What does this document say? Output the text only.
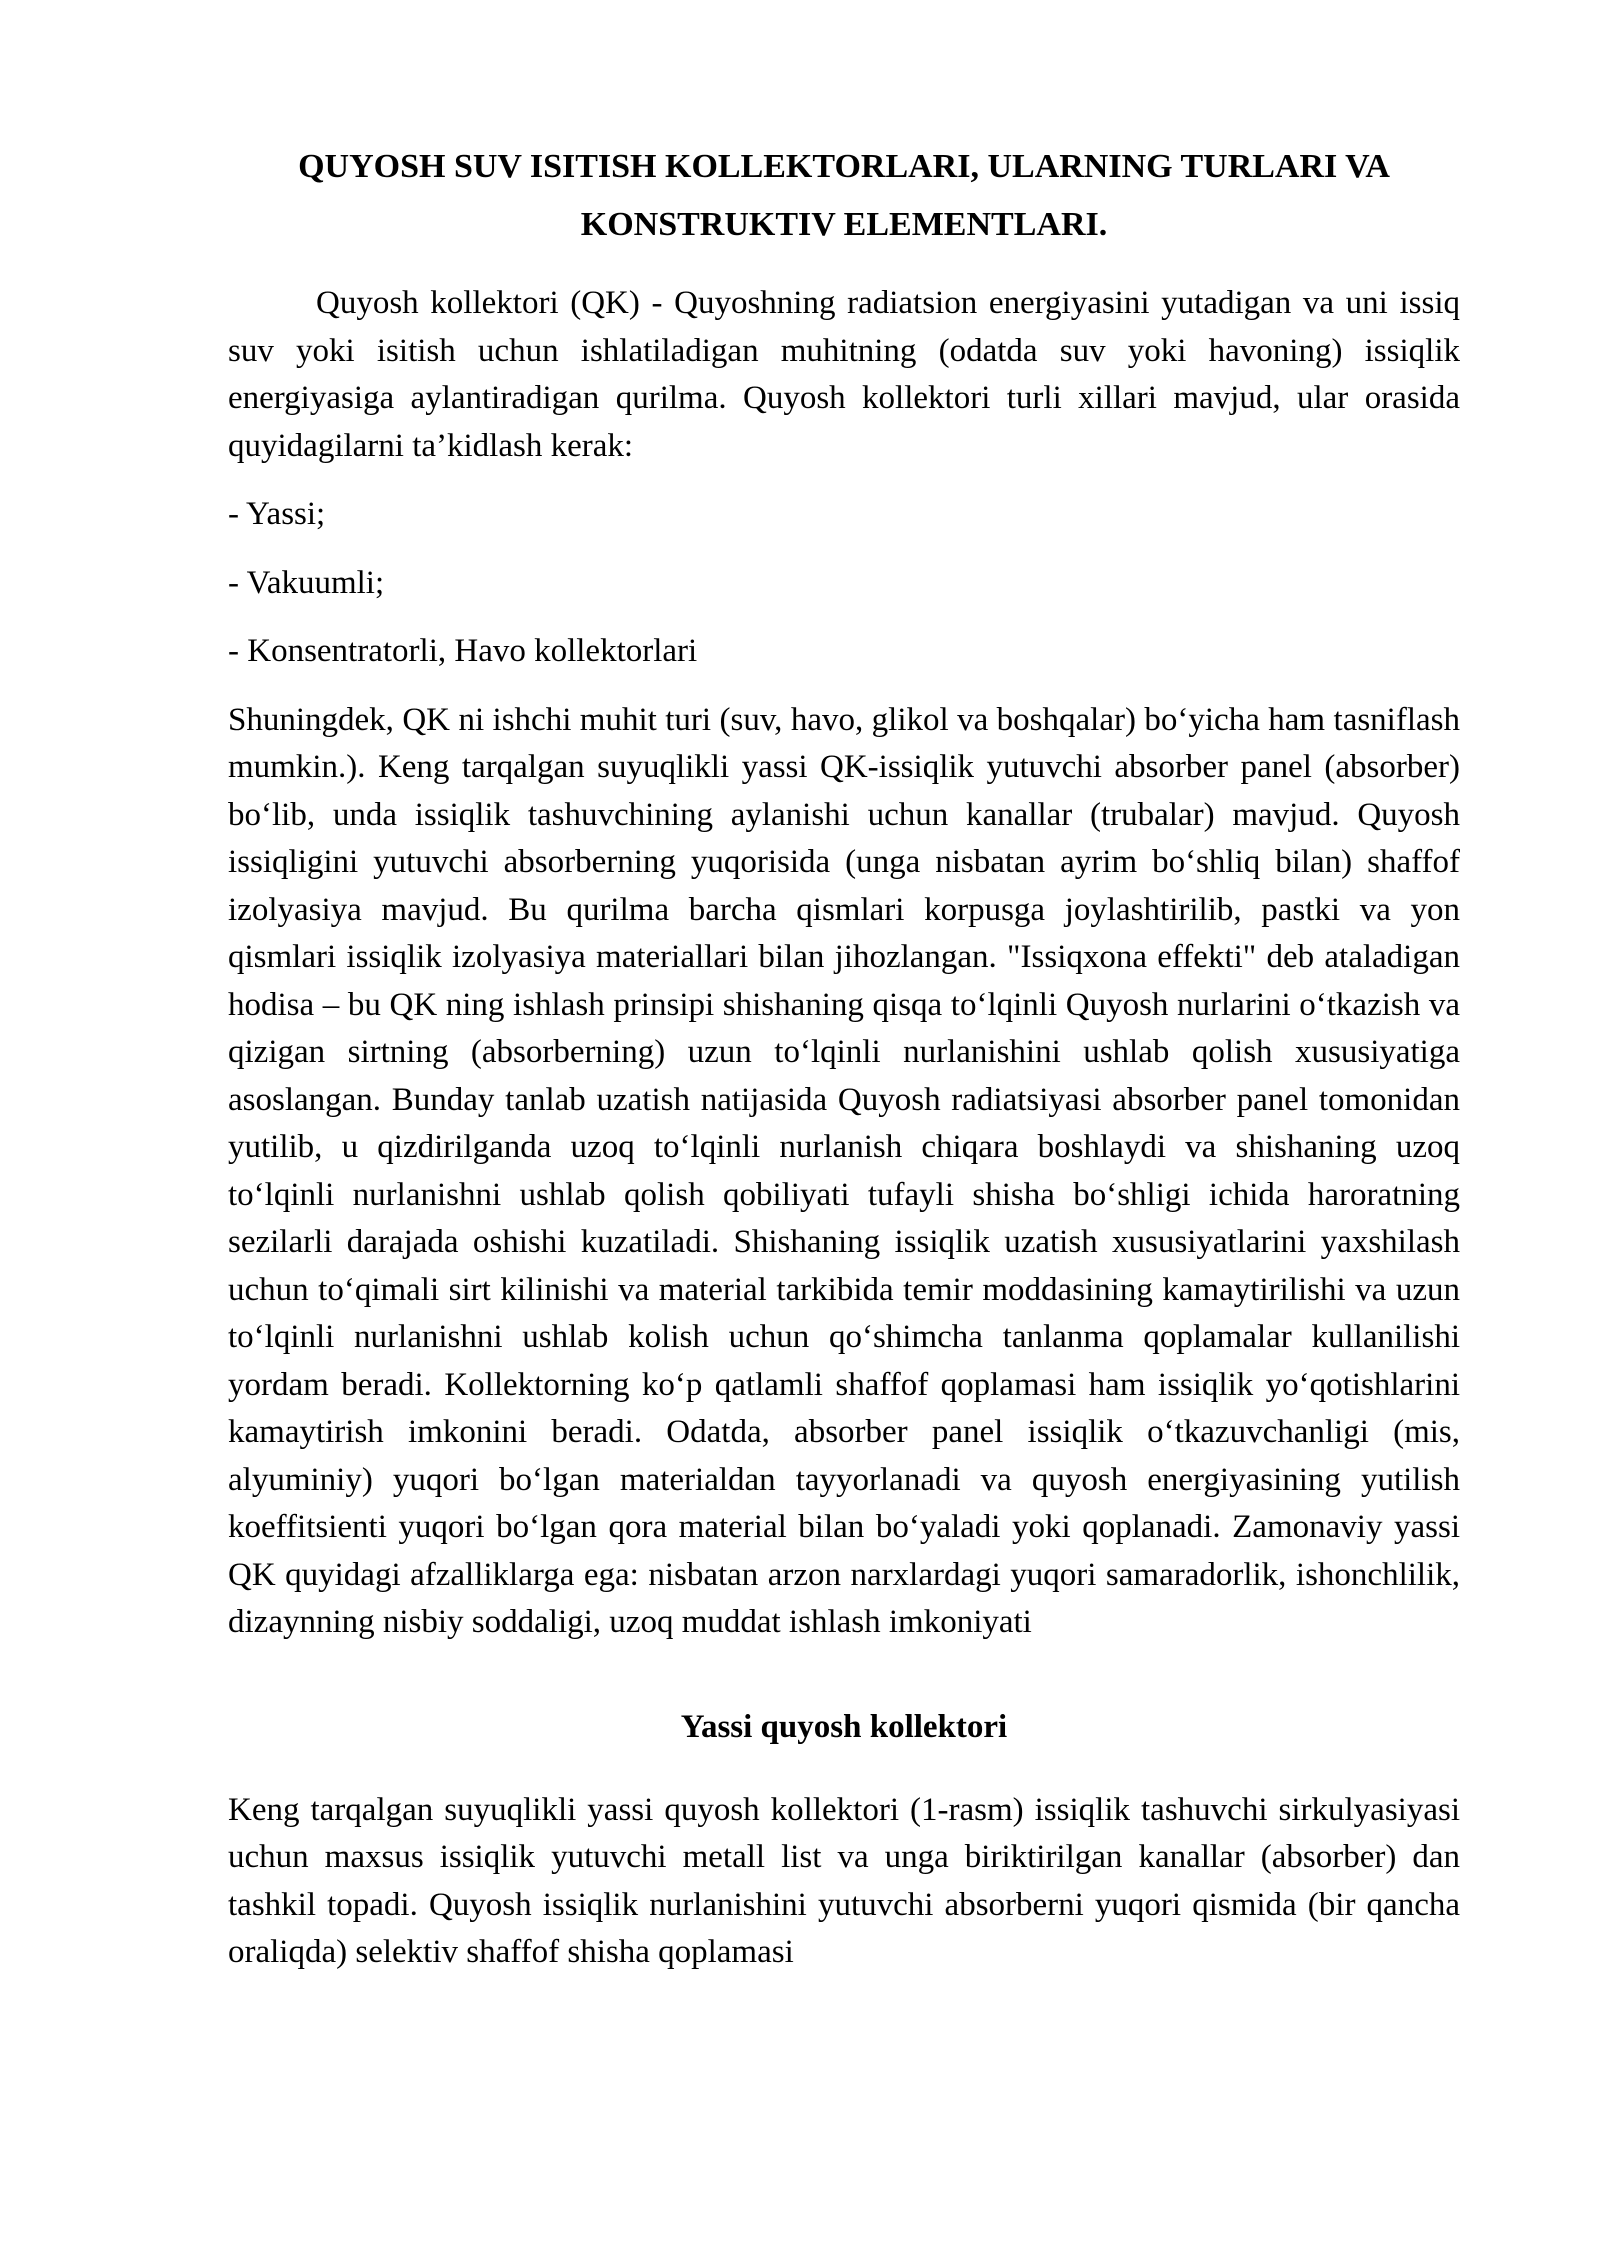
QUYOSH SUV ISITISH KOLLEKTORLARI, ULARNING TURLARI VA KONSTRUKTIV ELEMENTLARI.

Quyosh kollektori (QK) - Quyoshning radiatsion energiyasini yutadigan va uni issiq suv yoki isitish uchun ishlatiladigan muhitning (odatda suv yoki havoning) issiqlik energiyasiga aylantiradigan qurilma. Quyosh kollektori turli xillari mavjud, ular orasida quyidagilarni ta’kidlash kerak:

- Yassi;

- Vakuumli;

- Konsentratorli, Havo kollektorlari

Shuningdek, QK ni ishchi muhit turi (suv, havo, glikol va boshqalar) bo‘yicha ham tasniflash mumkin.). Keng tarqalgan suyuqlikli yassi QK-issiqlik yutuvchi absorber panel (absorber) bo‘lib, unda issiqlik tashuvchining aylanishi uchun kanallar (trubalar) mavjud. Quyosh issiqligini yutuvchi absorberning yuqorisida (unga nisbatan ayrim bo‘shliq bilan) shaffof izolyasiya mavjud. Bu qurilma barcha qismlari korpusga joylashtirilib, pastki va yon qismlari issiqlik izolyasiya materiallari bilan jihozlangan. "Issiqxona effekti" deb ataladigan hodisa – bu QK ning ishlash prinsipi shishaning qisqa to‘lqinli Quyosh nurlarini o‘tkazish va qizigan sirtning (absorberning) uzun to‘lqinli nurlanishini ushlab qolish xususiyatiga asoslangan. Bunday tanlab uzatish natijasida Quyosh radiatsiyasi absorber panel tomonidan yutilib, u qizdirilganda uzoq to‘lqinli nurlanish chiqara boshlaydi va shishaning uzoq to‘lqinli nurlanishni ushlab qolish qobiliyati tufayli shisha bo‘shligi ichida haroratning sezilarli darajada oshishi kuzatiladi. Shishaning issiqlik uzatish xususiyatlarini yaxshilash uchun to‘qimali sirt kilinishi va material tarkibida temir moddasining kamaytirilishi va uzun to‘lqinli nurlanishni ushlab kolish uchun qo‘shimcha tanlanma qoplamalar kullanilishi yordam beradi. Kollektorning ko‘p qatlamli shaffof qoplamasi ham issiqlik yo‘qotishlarini kamaytirish imkonini beradi. Odatda, absorber panel issiqlik o‘tkazuvchanligi (mis, alyuminiy) yuqori bo‘lgan materialdan tayyorlanadi va quyosh energiyasining yutilish koeffitsienti yuqori bo‘lgan qora material bilan bo‘yaladi yoki qoplanadi. Zamonaviy yassi QK quyidagi afzalliklarga ega: nisbatan arzon narxlardagi yuqori samaradorlik, ishonchlilik, dizaynning nisbiy soddaligi, uzoq muddat ishlash imkoniyati

Yassi quyosh kollektori

Keng tarqalgan suyuqlikli yassi quyosh kollektori (1-rasm) issiqlik tashuvchi sirkulyasiyasi uchun maxsus issiqlik yutuvchi metall list va unga biriktirilgan kanallar (absorber) dan tashkil topadi. Quyosh issiqlik nurlanishini yutuvchi absorberni yuqori qismida (bir qancha oraliqda) selektiv shaffof shisha qoplamasi
